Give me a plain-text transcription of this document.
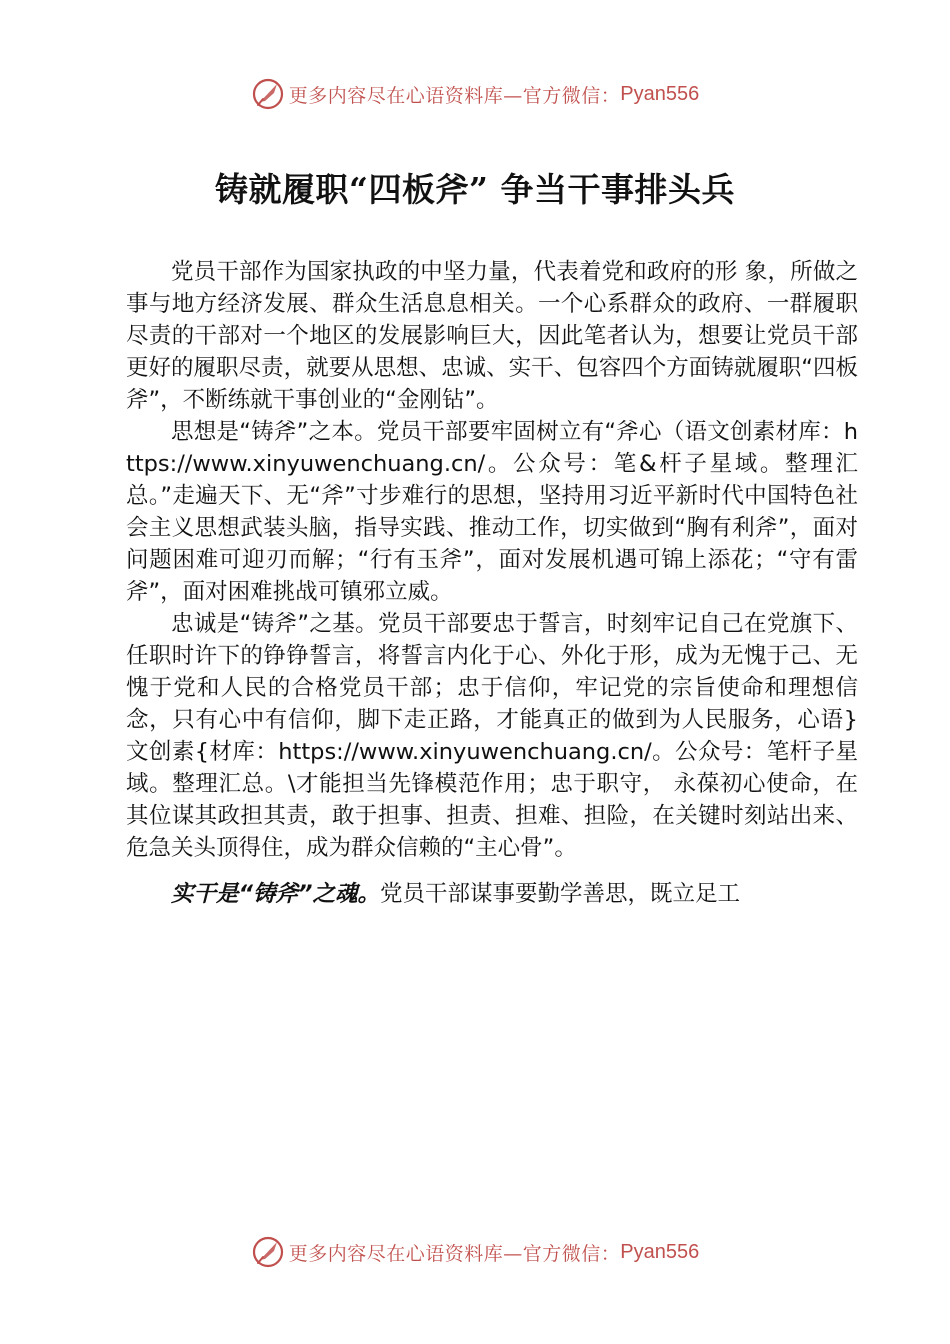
更多内容尽在心语资料库—官方微信： Pyan556
铸就履职“四板斧” 争当干事排头兵

党员干部作为国家执政的中坚力量，代表着党和政府的形 象，所做之事与地方经济发展、群众生活息息相关。一个心系群众的政府、一群履职尽责的干部对一个地区的发展影响巨大，因此笔者认为，想要让党员干部更好的履职尽责，就要从思想、忠诚、实干、包容四个方面铸就履职“四板斧”，不断练就干事创业的“金刚钻”。

思想是“铸斧”之本。党员干部要牢固树立有“斧心（语文创素材库：https://www.xinyuwenchuang.cn/。公众号：笔&杆子星域。整理汇总。”走遍天下、无“斧”寸步难行的思想，坚持用习近平新时代中国特色社会主义思想武装头脑，指导实践、推动工作，切实做到“胸有利斧”，面对问题困难可迎刃而解；“行有玉斧”，面对发展机遇可锦上添花；“守有雷斧”，面对困难挑战可镇邪立威。

忠诚是“铸斧”之基。党员干部要忠于誓言，时刻牢记自己在党旗下、任职时许下的铮铮誓言，将誓言内化于心、外化于形，成为无愧于己、无愧于党和人民的合格党员干部；忠于信仰，牢记党的宗旨使命和理想信念，只有心中有信仰，脚下走正路，才能真正的做到为人民服务，心语}文创素{材库：https://www.xinyuwenchuang.cn/。公众号：笔杆子星域。整理汇总。\才能担当先锋模范作用；忠于职守， 永葆初心使命，在其位谋其政担其责，敢于担事、担责、担难、担险，在关键时刻站出来、危急关头顶得住，成为群众信赖的“主心骨”。

实干是“铸斧”之魂。党员干部谋事要勤学善思，既立足工

更多内容尽在心语资料库—官方微信： Pyan556
